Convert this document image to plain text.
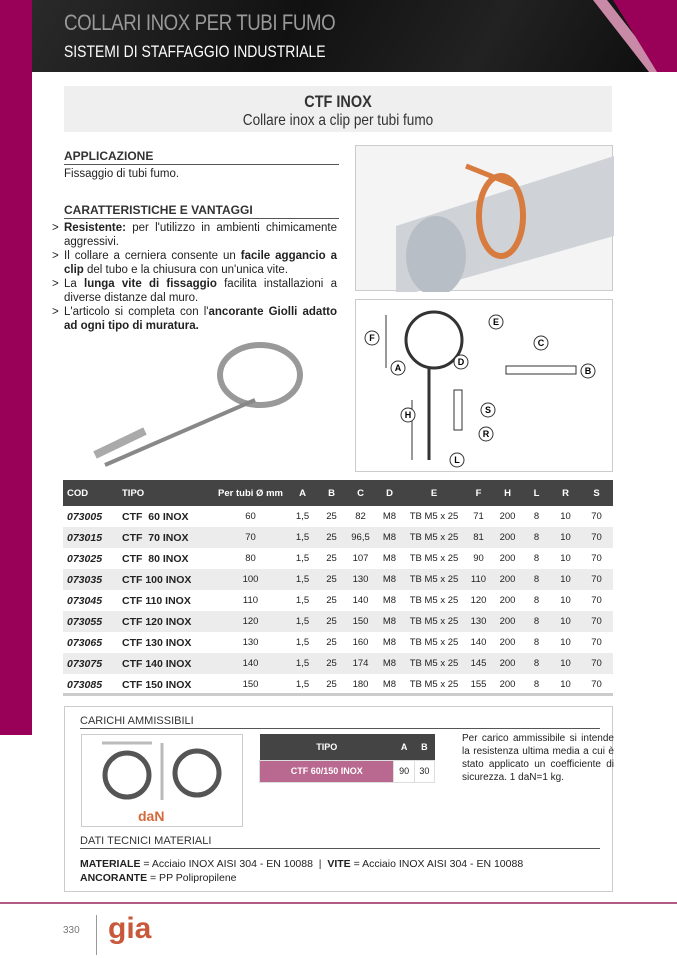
COLLARI INOX PER TUBI FUMO
SISTEMI DI STAFFAGGIO INDUSTRIALE
CTF INOX
Collare inox a clip per tubi fumo
APPLICAZIONE
Fissaggio di tubi fumo.
CARATTERISTICHE E VANTAGGI
> Resistente: per l'utilizzo in ambienti chimicamente aggressivi.
> Il collare a cerniera consente un facile aggancio a clip del tubo e la chiusura con un'unica vite.
> La lunga vite di fissaggio facilita installazioni a diverse distanze dal muro.
> L'articolo si completa con l'ancorante Giolli adatto ad ogni tipo di muratura.
F
A
D
E
C
B
H	S
R
L
COD	TIPO	Per tubi Ø mm	A	B	C	D	E	F	H	L	R	S
073005	CTF  60 INOX	60	1,5	25	82	M8	TB M5 x 25	71	200	8	10	70
073015	CTF  70 INOX	70	1,5	25	96,5	M8	TB M5 x 25	81	200	8	10	70
073025	CTF  80 INOX	80	1,5	25	107	M8	TB M5 x 25	90	200	8	10	70
073035	CTF 100 INOX	100	1,5	25	130	M8	TB M5 x 25	110	200	8	10	70
073045	CTF 110 INOX	110	1,5	25	140	M8	TB M5 x 25	120	200	8	10	70
073055	CTF 120 INOX	120	1,5	25	150	M8	TB M5 x 25	130	200	8	10	70
073065	CTF 130 INOX	130	1,5	25	160	M8	TB M5 x 25	140	200	8	10	70
073075	CTF 140 INOX	140	1,5	25	174	M8	TB M5 x 25	145	200	8	10	70
073085	CTF 150 INOX	150	1,5	25	180	M8	TB M5 x 25	155	200	8	10	70
CARICHI AMMISSIBILI
daN
TIPO	A	B
CTF 60/150 INOX	90	30
Per carico ammissibile si intende la resistenza ultima media a cui è stato applicato un coefficiente di sicurezza. 1 daN=1 kg.
DATI TECNICI MATERIALI
MATERIALE = Acciaio INOX AISI 304 - EN 10088  |  VITE = Acciaio INOX AISI 304 - EN 10088
ANCORANTE = PP Polipropilene
330 gia
